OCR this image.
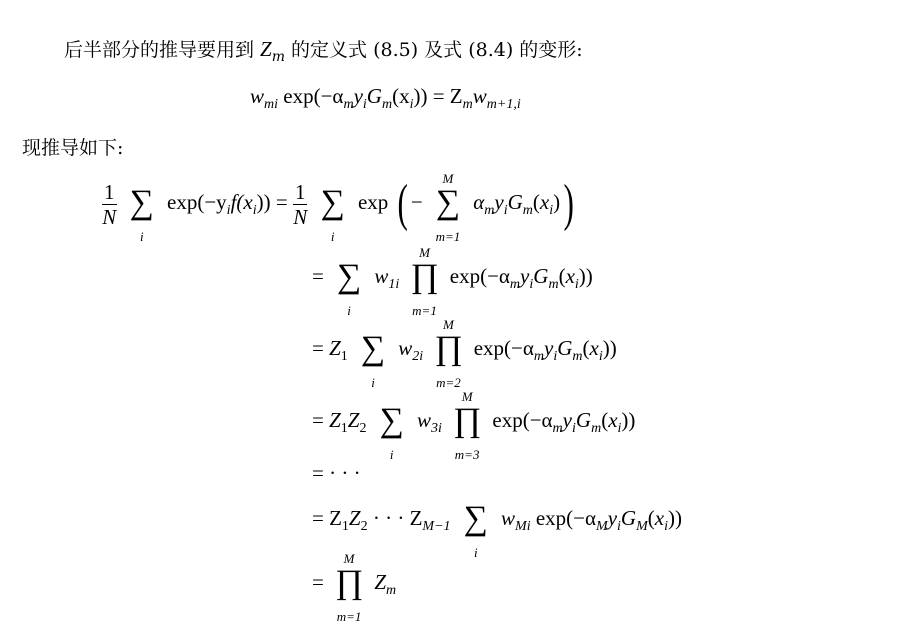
后半部分的推导要用到 $Z_m$ 的定义式 (8.5) 及式 (8.4) 的变形:
$w_{mi}$ $\exp(-\alpha_my_iG_m(x_i)) = Z_mw_{m+1,i}$
现推导如下:
$\frac{1}{N}$
∑
i
$\exp(-y_if(x_i)) = \frac{1}{N}$
∑
i
exp ( − ∑
M
m=1
$\alpha_my_iG_m(x_i)$)
= ∑
i
$w_{1i}$ ∏
M
m=1
$\exp(-\alpha_my_iG_m(x_i))$
= $Z_1$ ∑
i
$w_{2i}$ ∏
M
m=2
$\exp(-\alpha_my_iG_m(x_i))$
= $Z_1Z_2$ ∑
i
$w_{3i}$ ∏
M
m=3
$\exp(-\alpha_my_iG_m(x_i))$
= · · ·
= $Z_1Z_2$ · · · $Z_{M-1}$ ∑
i
$w_{Mi}$ $\exp(-\alpha_My_iG_M(x_i))$
= ∏
M
m=1
$Z_m$
